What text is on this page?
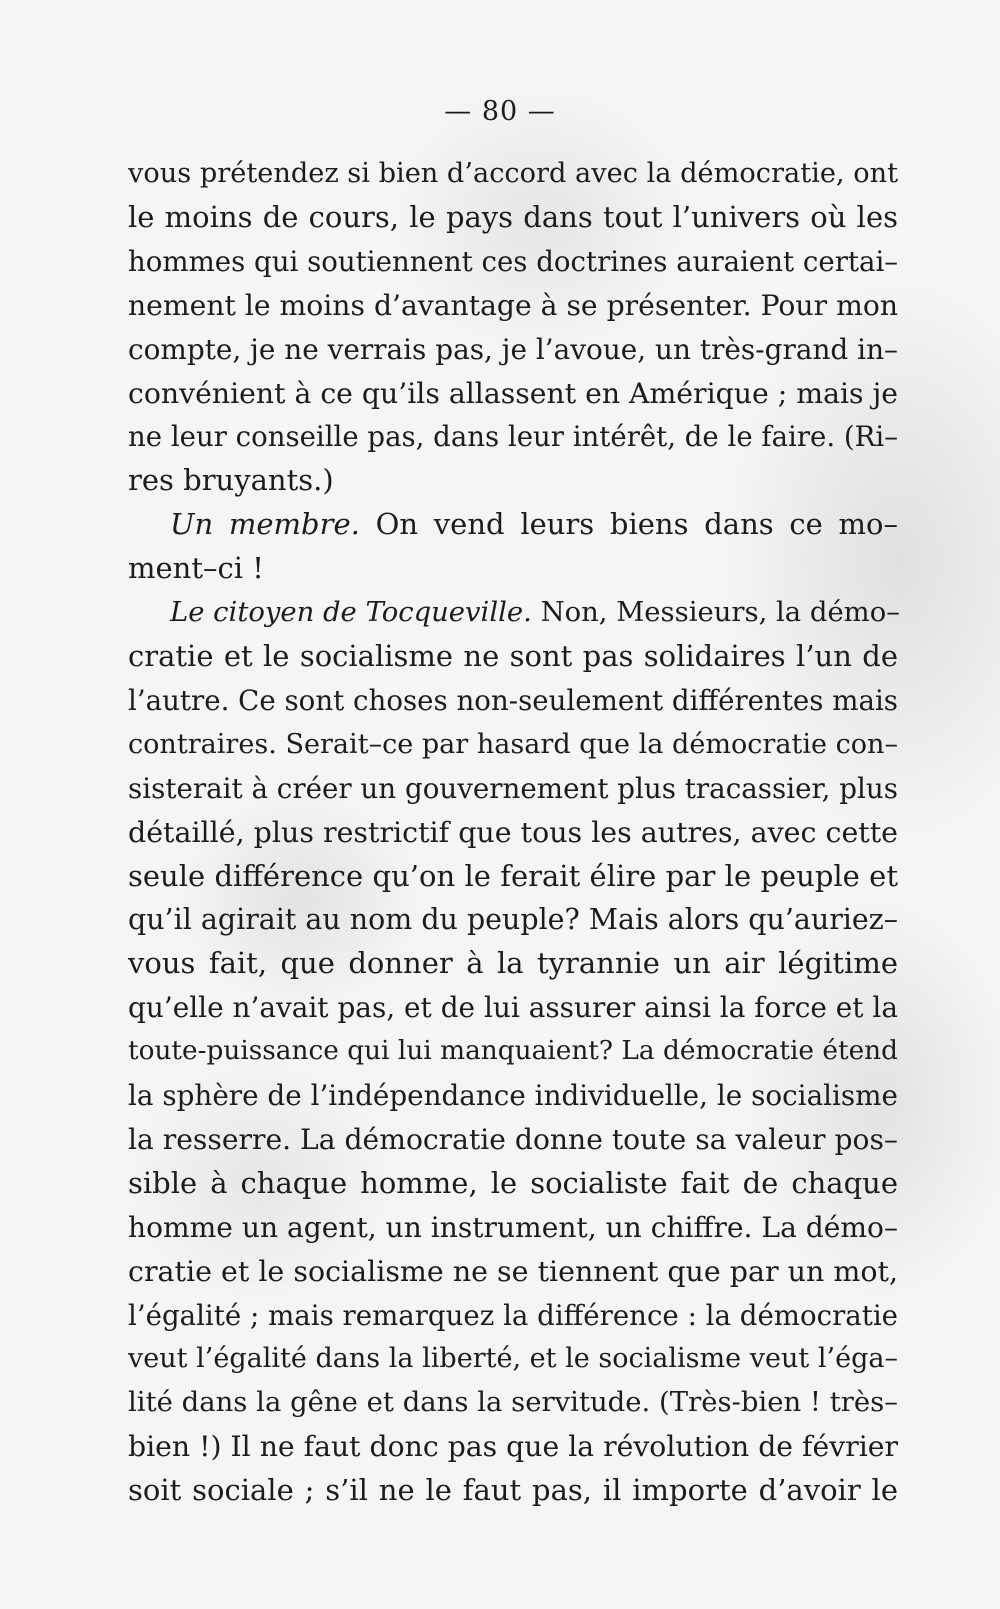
— 80 —
vous prétendez si bien d’accord avec la démocratie, ont
le moins de cours, le pays dans tout l’univers où les
hommes qui soutiennent ces doctrines auraient certai–
nement le moins d’avantage à se présenter. Pour mon
compte, je ne verrais pas, je l’avoue, un très-grand in–
convénient à ce qu’ils allassent en Amérique ; mais je
ne leur conseille pas, dans leur intérêt, de le faire. (Ri–
res bruyants.)
Un membre. On vend leurs biens dans ce mo–
ment–ci !
Le citoyen de Tocqueville. Non, Messieurs, la démo–
cratie et le socialisme ne sont pas solidaires l’un de
l’autre. Ce sont choses non-seulement différentes mais
contraires. Serait–ce par hasard que la démocratie con–
sisterait à créer un gouvernement plus tracassier, plus
détaillé, plus restrictif que tous les autres, avec cette
seule différence qu’on le ferait élire par le peuple et
qu’il agirait au nom du peuple? Mais alors qu’auriez–
vous fait, que donner à la tyrannie un air légitime
qu’elle n’avait pas, et de lui assurer ainsi la force et la
toute-puissance qui lui manquaient? La démocratie étend
la sphère de l’indépendance individuelle, le socialisme
la resserre. La démocratie donne toute sa valeur pos–
sible à chaque homme, le socialiste fait de chaque
homme un agent, un instrument, un chiffre. La démo–
cratie et le socialisme ne se tiennent que par un mot,
l’égalité ; mais remarquez la différence : la démocratie
veut l’égalité dans la liberté, et le socialisme veut l’éga–
lité dans la gêne et dans la servitude. (Très-bien ! très–
bien !) Il ne faut donc pas que la révolution de février
soit sociale ; s’il ne le faut pas, il importe d’avoir le
